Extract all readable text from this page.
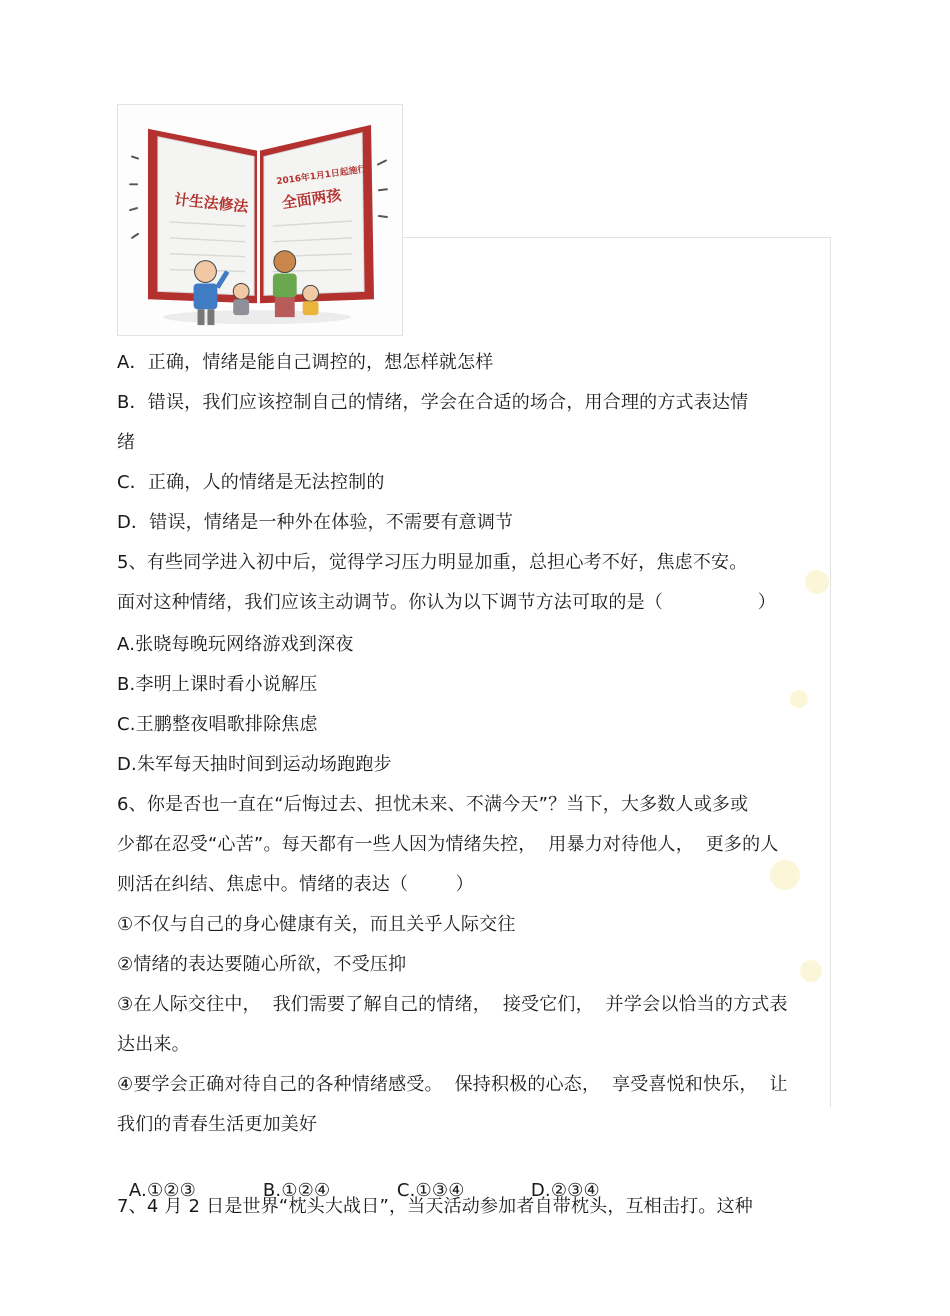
计生法修法
2016年1月1日起施行
全面两孩
A．正确，情绪是能自己调控的，想怎样就怎样
B．错误，我们应该控制自己的情绪，学会在合适的场合，用合理的方式表达情
绪
C．正确，人的情绪是无法控制的
D．错误，情绪是一种外在体验，不需要有意调节
5、有些同学进入初中后，觉得学习压力明显加重，总担心考不好，焦虑不安。
面对这种情绪，我们应该主动调节。你认为以下调节方法可取的是（                ）
A.张晓每晚玩网络游戏到深夜
B.李明上课时看小说解压
C.王鹏整夜唱歌排除焦虑
D.朱军每天抽时间到运动场跑跑步
6、你是否也一直在“后悔过去、担忧未来、不满今天”？当下，大多数人或多或
少都在忍受“心苦”。每天都有一些人因为情绪失控，  用暴力对待他人，  更多的人
则活在纠结、焦虑中。情绪的表达（        ）
①不仅与自己的身心健康有关，而且关乎人际交往
②情绪的表达要随心所欲，不受压抑
③在人际交往中，  我们需要了解自己的情绪，  接受它们，  并学会以恰当的方式表
达出来。
④要学会正确对待自己的各种情绪感受。  保持积极的心态，  享受喜悦和快乐，  让
我们的青春生活更加美好

A.①②③	B.①②④	C.①③④	D.②③④

7、4 月 2 日是世界“枕头大战日”，当天活动参加者自带枕头，互相击打。这种
